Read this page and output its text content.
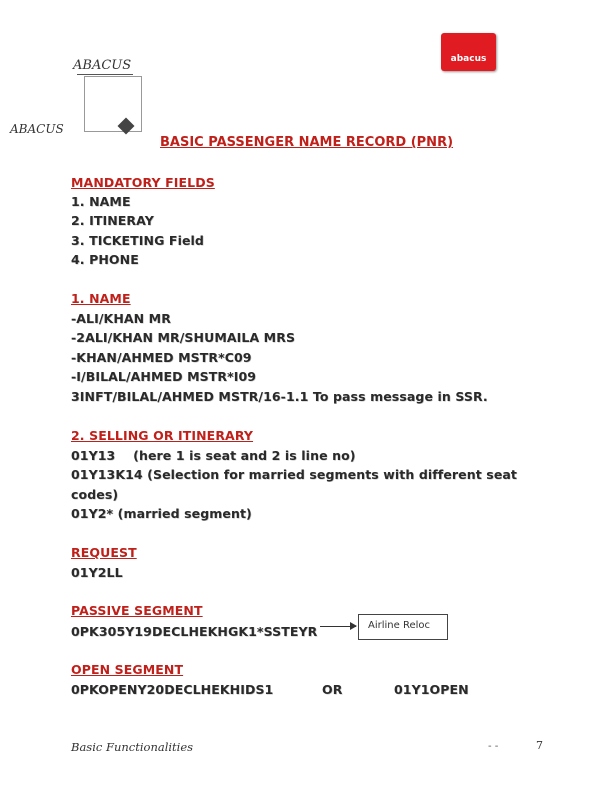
ABACUS
ABACUS
abacus
BASIC PASSENGER NAME RECORD (PNR)
MANDATORY FIELDS
1. NAME
2. ITINERAY
3. TICKETING Field
4. PHONE
1. NAME
-ALI/KHAN MR
-2ALI/KHAN MR/SHUMAILA MRS
-KHAN/AHMED MSTR*C09
-I/BILAL/AHMED MSTR*I09
3INFT/BILAL/AHMED MSTR/16-1.1 To pass message in SSR.
2. SELLING OR ITINERARY
01Y13    (here 1 is seat and 2 is line no)
01Y13K14 (Selection for married segments with different seat
codes)
01Y2* (married segment)
REQUEST
01Y2LL
PASSIVE SEGMENT
0PK305Y19DECLHEKHGK1*SSTEYR	Airline Reloc
OPEN SEGMENT
0PKOPENY20DECLHEKHIDS1	OR	01Y1OPEN
Basic Functionalities	- -	7
